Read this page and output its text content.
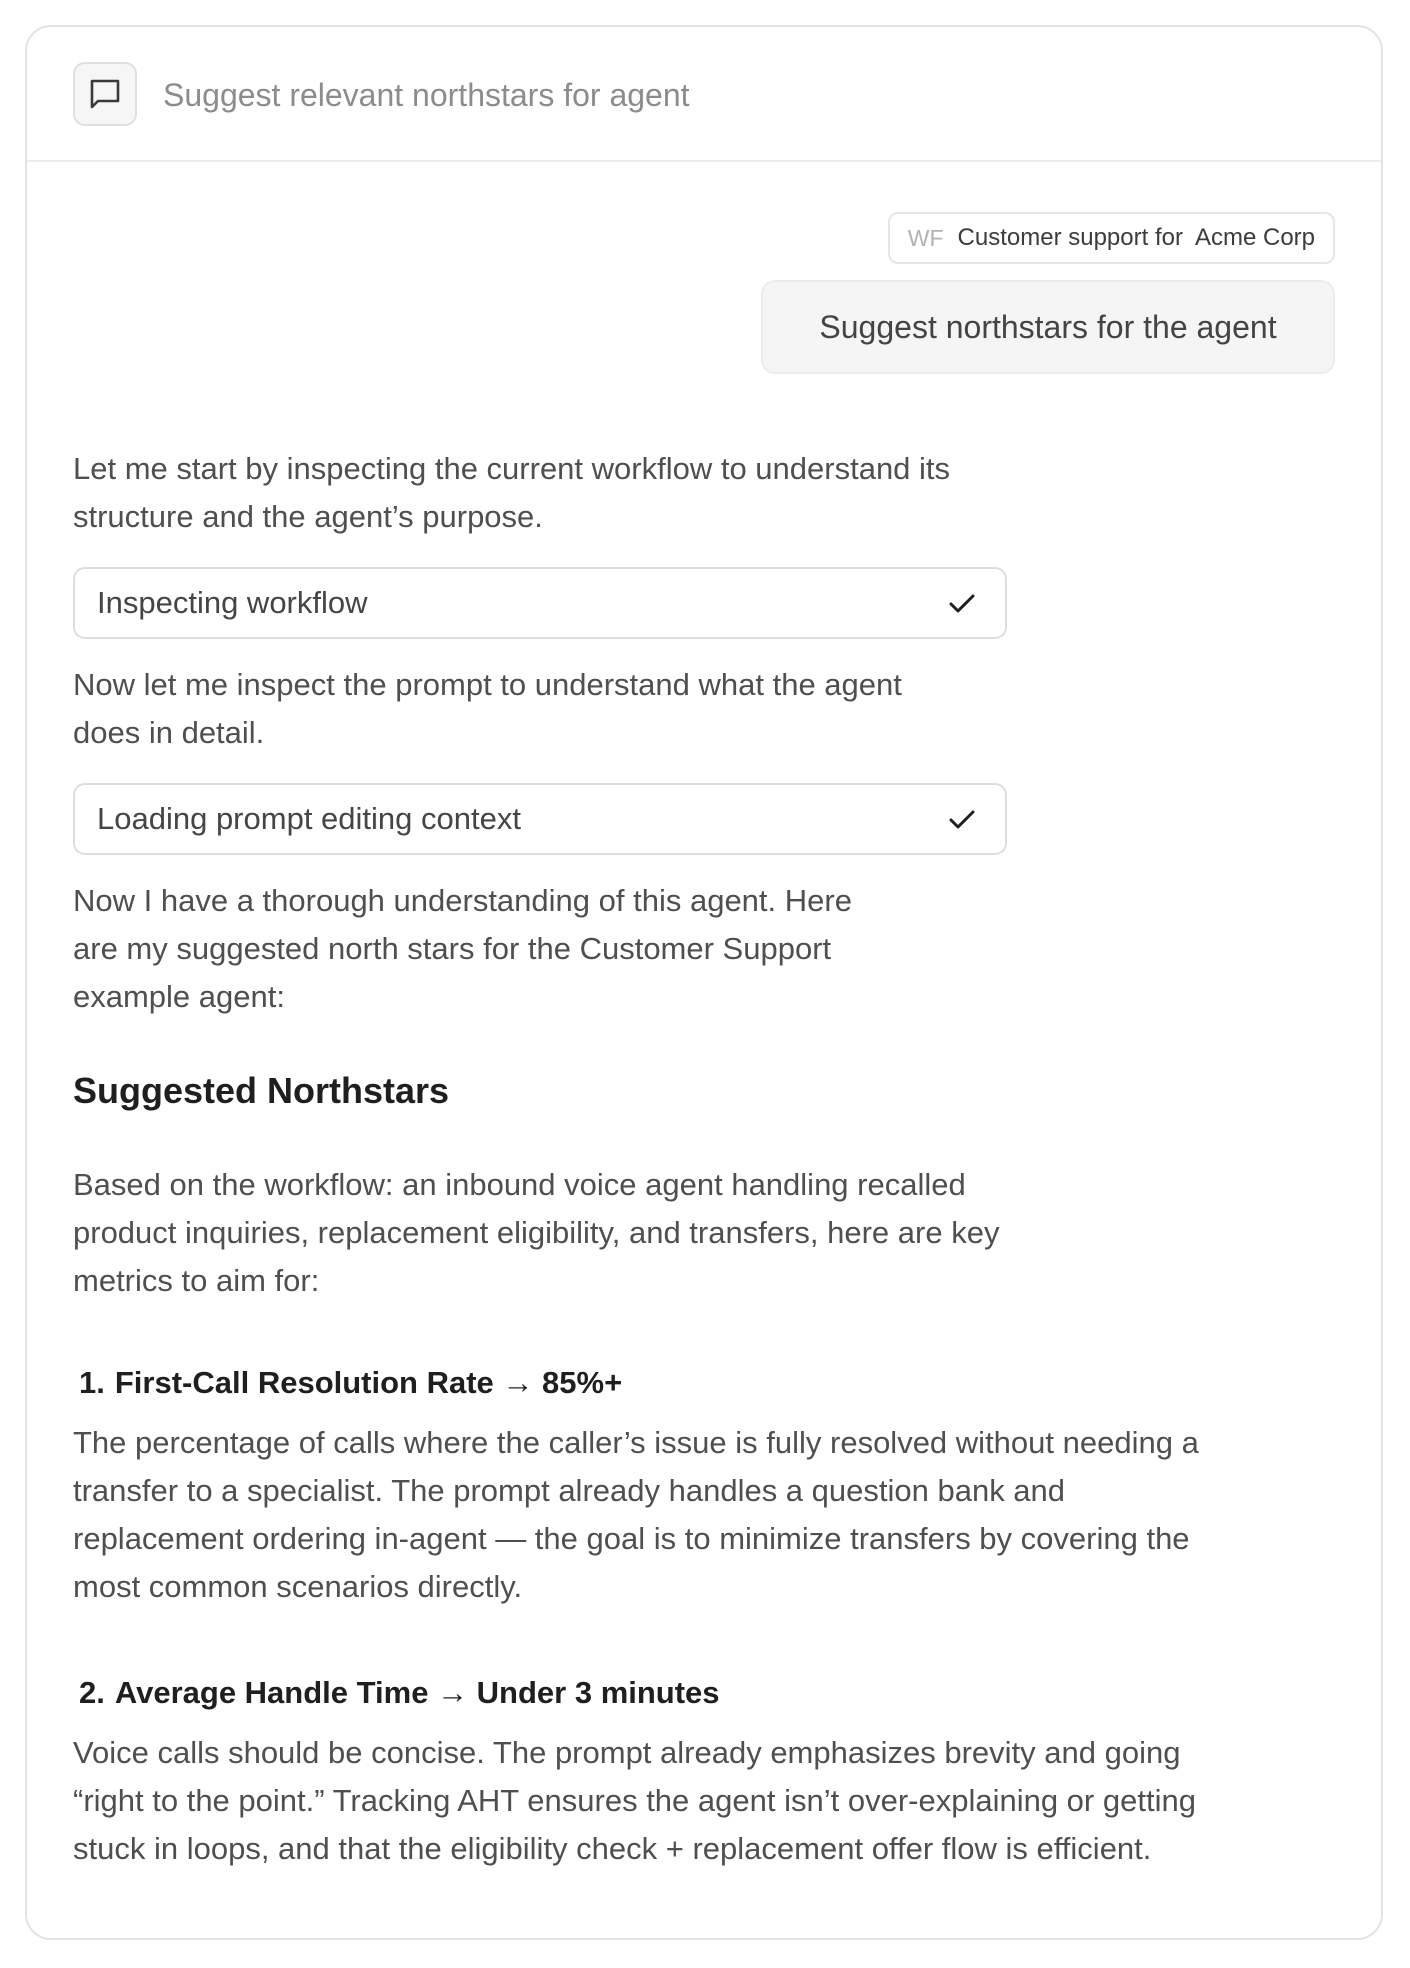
Suggest relevant northstars for agent
WF Customer support for  Acme Corp
Suggest northstars for the agent
Let me start by inspecting the current workflow to understand its structure and the agent’s purpose.
Inspecting workflow
Now let me inspect the prompt to understand what the agent does in detail.
Loading prompt editing context
Now I have a thorough understanding of this agent. Here are my suggested north stars for the Customer Support example agent:
Suggested Northstars
Based on the workflow: an inbound voice agent handling recalled product inquiries, replacement eligibility, and transfers, here are key metrics to aim for:
1. First-Call Resolution Rate → 85%+
The percentage of calls where the caller’s issue is fully resolved without needing a transfer to a specialist. The prompt already handles a question bank and replacement ordering in-agent — the goal is to minimize transfers by covering the most common scenarios directly.
2. Average Handle Time → Under 3 minutes
Voice calls should be concise. The prompt already emphasizes brevity and going “right to the point.” Tracking AHT ensures the agent isn’t over-explaining or getting stuck in loops, and that the eligibility check + replacement offer flow is efficient.
